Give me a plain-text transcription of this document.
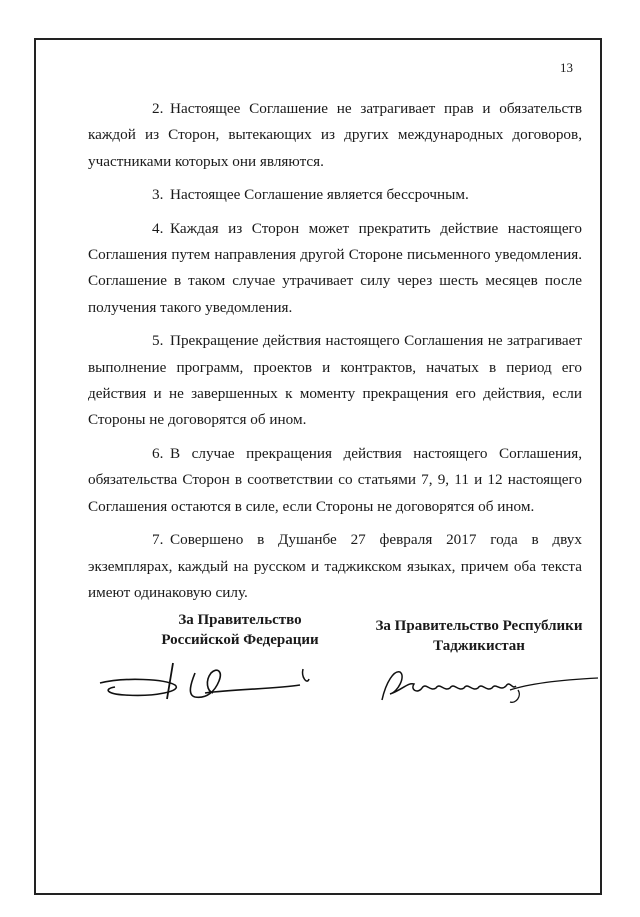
13

2. Настоящее Соглашение не затрагивает прав и обязательств каждой из Сторон, вытекающих из других международных договоров, участниками которых они являются.

3. Настоящее Соглашение является бессрочным.

4. Каждая из Сторон может прекратить действие настоящего Соглашения путем направления другой Стороне письменного уведомления. Соглашение в таком случае утрачивает силу через шесть месяцев после получения такого уведомления.

5. Прекращение действия настоящего Соглашения не затрагивает выполнение программ, проектов и контрактов, начатых в период его действия и не завершенных к моменту прекращения его действия, если Стороны не договорятся об ином.

6. В случае прекращения действия настоящего Соглашения, обязательства Сторон в соответствии со статьями 7, 9, 11 и 12 настоящего Соглашения остаются в силе, если Стороны не договорятся об ином.

7. Совершено в Душанбе 27 февраля 2017 года в двух экземплярах, каждый на русском и таджикском языках, причем оба текста имеют одинаковую силу.

За Правительство
Российской Федерации
За Правительство Республики
Таджикистан
